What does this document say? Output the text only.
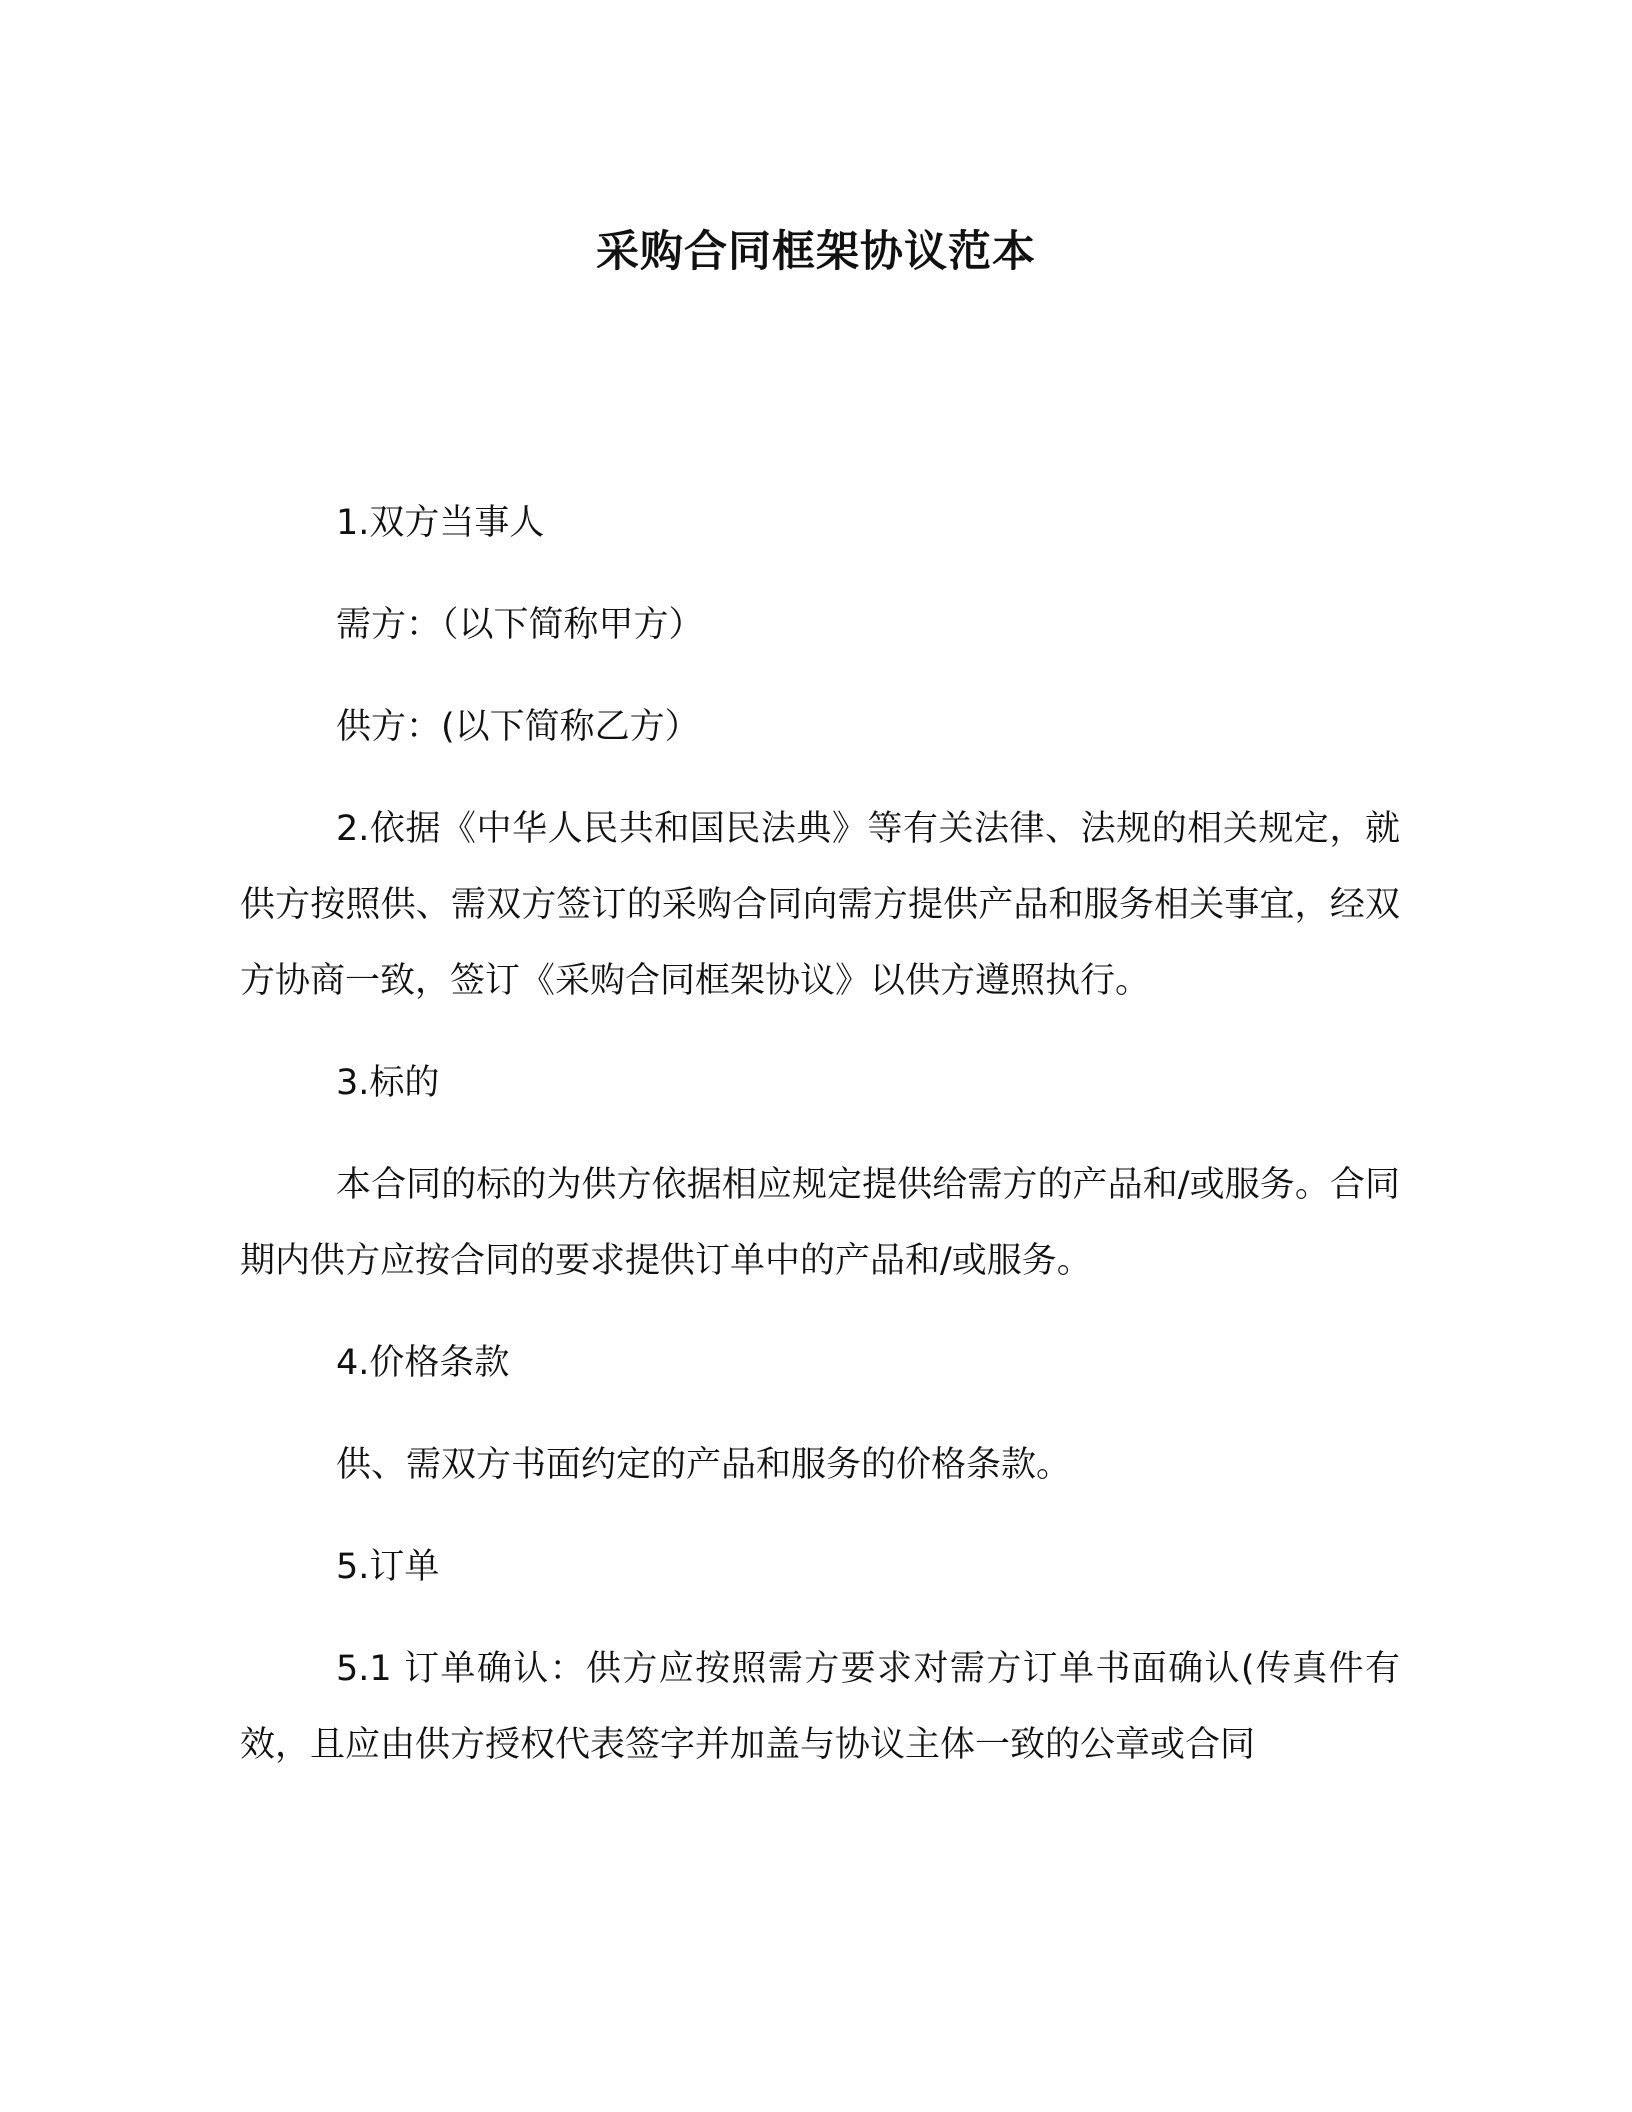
采购合同框架协议范本

1.双方当事人

需方：（以下简称甲方）

供方：(以下简称乙方）

2.依据《中华人民共和国民法典》等有关法律、法规的相关规定，就供方按照供、需双方签订的采购合同向需方提供产品和服务相关事宜，经双方协商一致，签订《采购合同框架协议》以供方遵照执行。

3.标的

本合同的标的为供方依据相应规定提供给需方的产品和/或服务。合同期内供方应按合同的要求提供订单中的产品和/或服务。

4.价格条款

供、需双方书面约定的产品和服务的价格条款。

5.订单

5.1 订单确认：供方应按照需方要求对需方订单书面确认(传真件有效，且应由供方授权代表签字并加盖与协议主体一致的公章或合同
